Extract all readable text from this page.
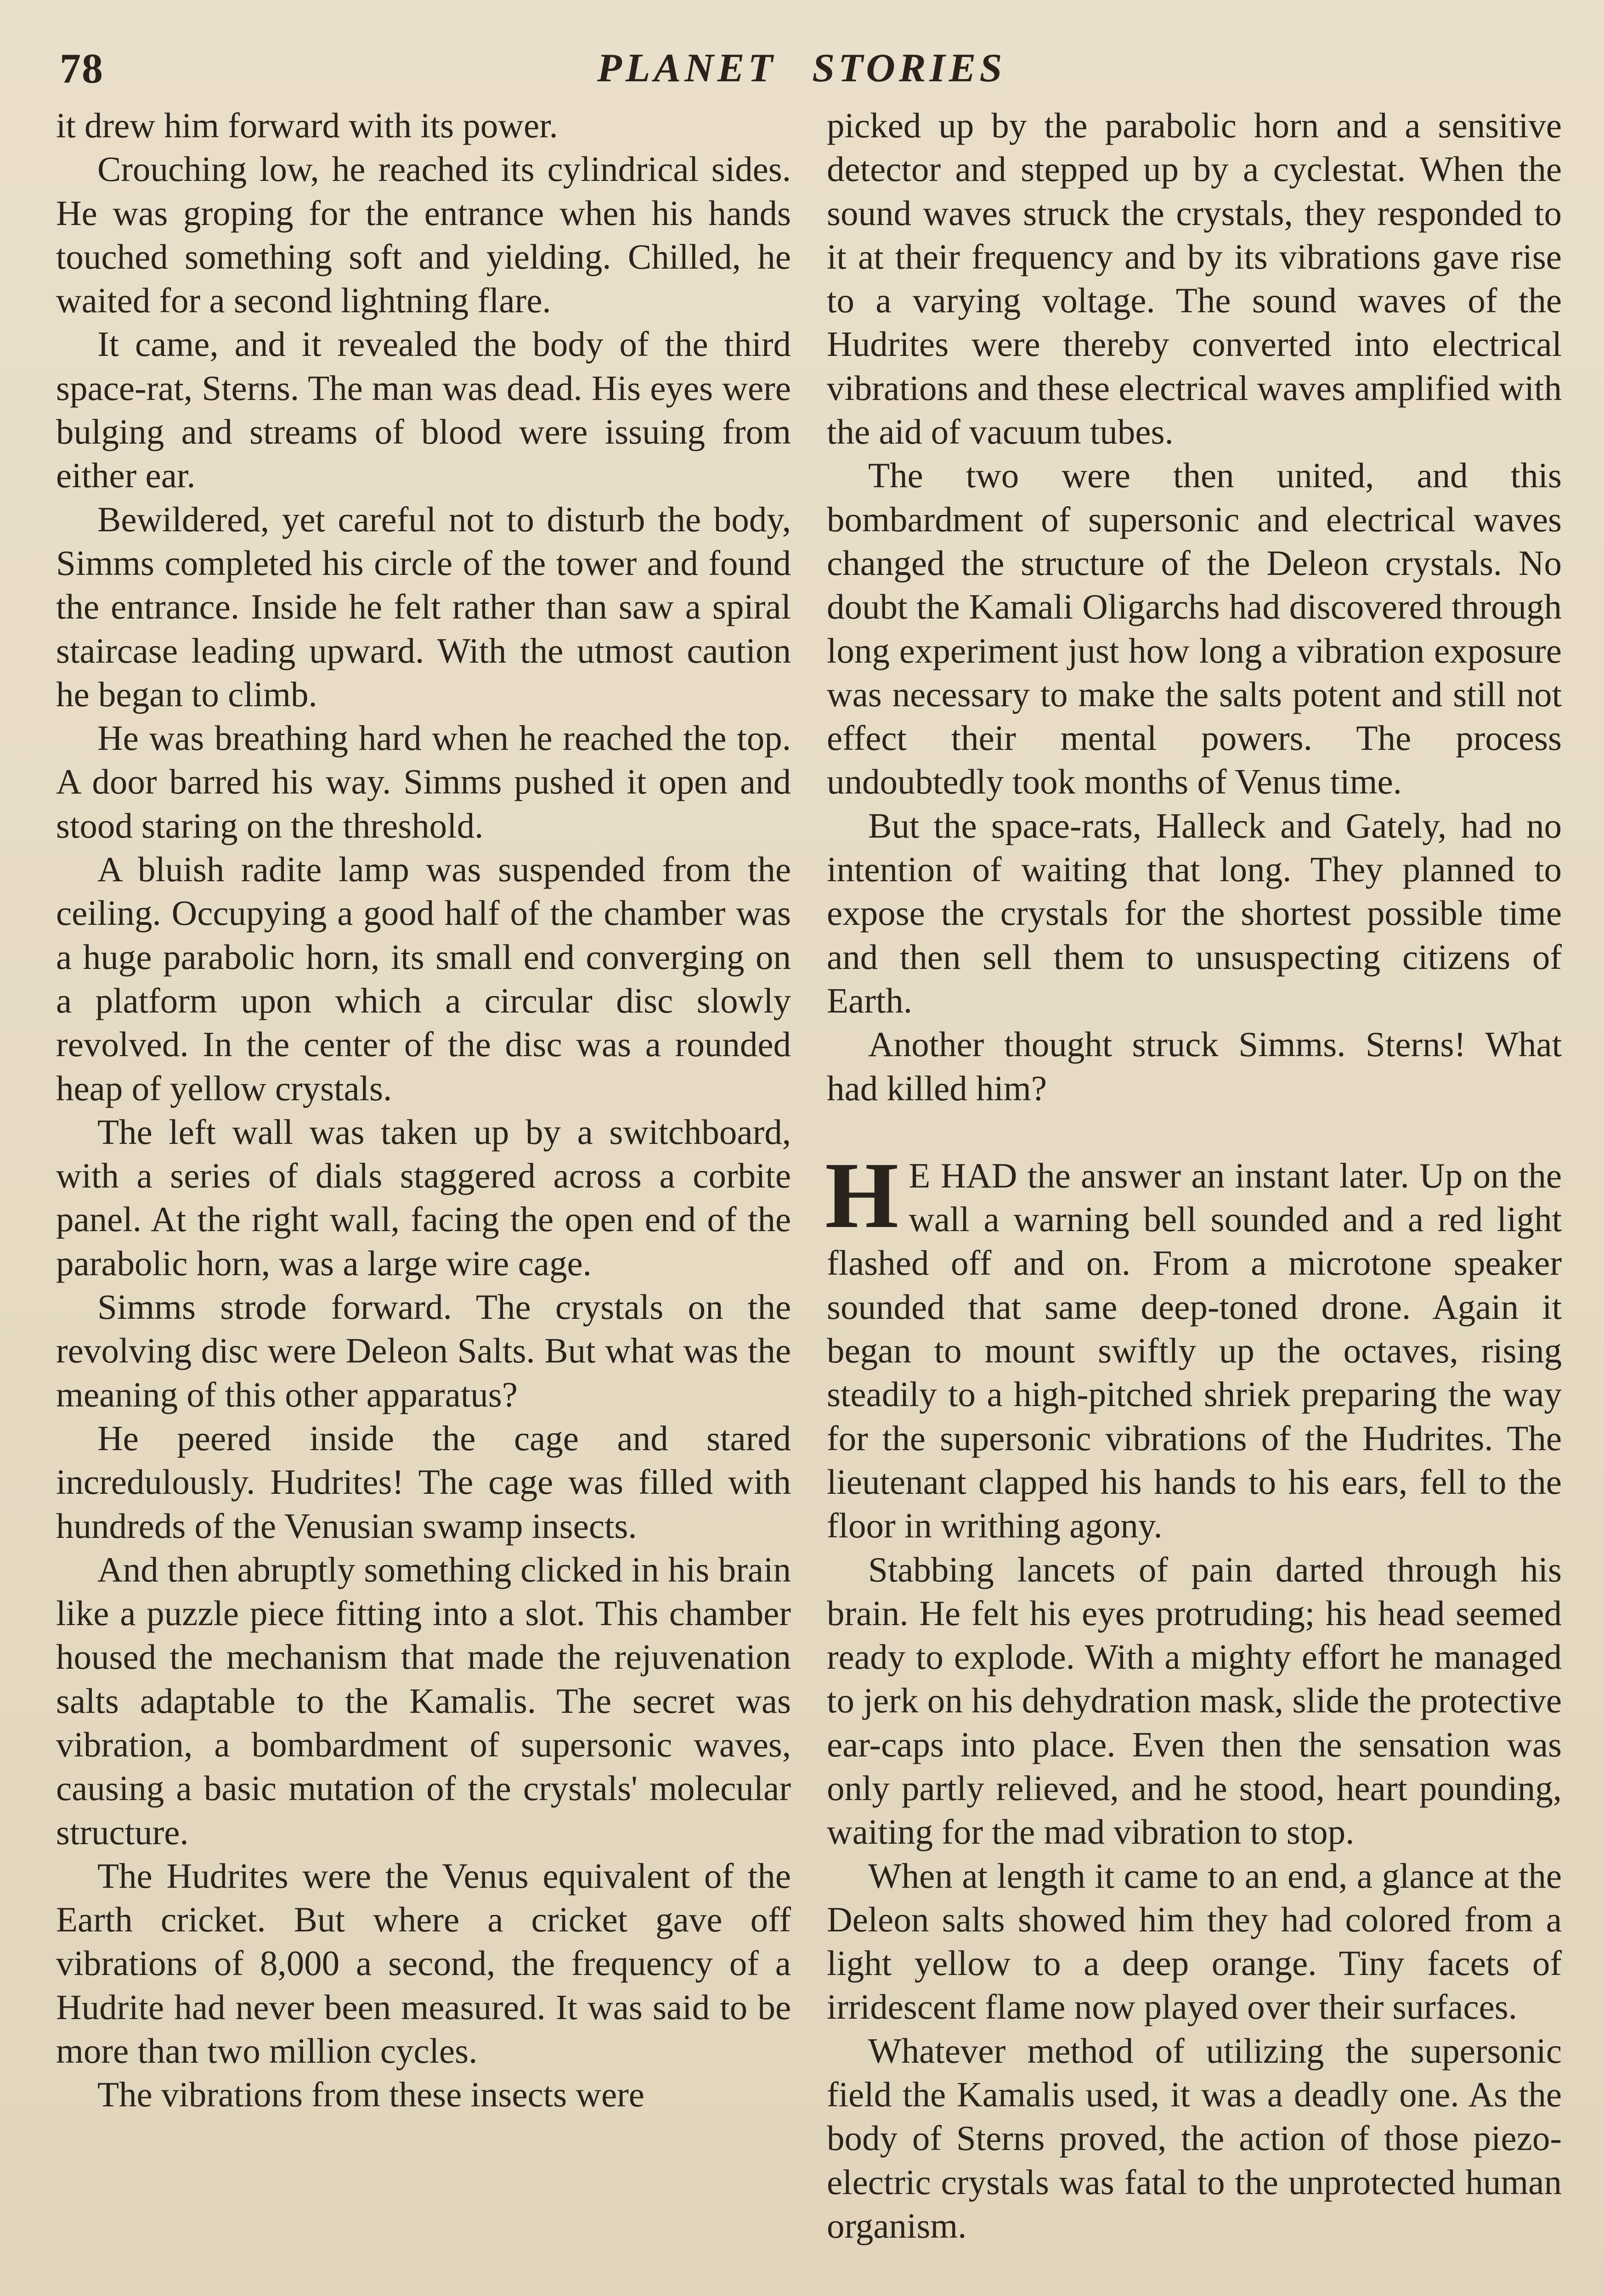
78	PLANET STORIES

it drew him forward with its power.

Crouching low, he reached its cylindrical sides. He was groping for the entrance when his hands touched something soft and yielding. Chilled, he waited for a second lightning flare.

It came, and it revealed the body of the third space-rat, Sterns. The man was dead. His eyes were bulging and streams of blood were issuing from either ear.

Bewildered, yet careful not to disturb the body, Simms completed his circle of the tower and found the entrance. Inside he felt rather than saw a spiral staircase leading upward. With the utmost caution he began to climb.

He was breathing hard when he reached the top. A door barred his way. Simms pushed it open and stood staring on the threshold.

A bluish radite lamp was suspended from the ceiling. Occupying a good half of the chamber was a huge parabolic horn, its small end converging on a platform upon which a circular disc slowly revolved. In the center of the disc was a rounded heap of yellow crystals.

The left wall was taken up by a switchboard, with a series of dials staggered across a corbite panel. At the right wall, facing the open end of the parabolic horn, was a large wire cage.

Simms strode forward. The crystals on the revolving disc were Deleon Salts. But what was the meaning of this other apparatus?

He peered inside the cage and stared incredulously. Hudrites! The cage was filled with hundreds of the Venusian swamp insects.

And then abruptly something clicked in his brain like a puzzle piece fitting into a slot. This chamber housed the mechanism that made the rejuvenation salts adaptable to the Kamalis. The secret was vibration, a bombardment of supersonic waves, causing a basic mutation of the crystals' molecular structure.

The Hudrites were the Venus equivalent of the Earth cricket. But where a cricket gave off vibrations of 8,000 a second, the frequency of a Hudrite had never been measured. It was said to be more than two million cycles.

The vibrations from these insects were

picked up by the parabolic horn and a sensitive detector and stepped up by a cyclestat. When the sound waves struck the crystals, they responded to it at their frequency and by its vibrations gave rise to a varying voltage. The sound waves of the Hudrites were thereby converted into electrical vibrations and these electrical waves amplified with the aid of vacuum tubes.

The two were then united, and this bombardment of supersonic and electrical waves changed the structure of the Deleon crystals. No doubt the Kamali Oligarchs had discovered through long experiment just how long a vibration exposure was necessary to make the salts potent and still not effect their mental powers. The process undoubtedly took months of Venus time.

But the space-rats, Halleck and Gately, had no intention of waiting that long. They planned to expose the crystals for the shortest possible time and then sell them to unsuspecting citizens of Earth.

Another thought struck Simms. Sterns! What had killed him?

H E HAD the answer an instant later. Up on the wall a warning bell sounded and a red light flashed off and on. From a microtone speaker sounded that same deep-toned drone. Again it began to mount swiftly up the octaves, rising steadily to a high-pitched shriek preparing the way for the supersonic vibrations of the Hudrites. The lieutenant clapped his hands to his ears, fell to the floor in writhing agony.

Stabbing lancets of pain darted through his brain. He felt his eyes protruding; his head seemed ready to explode. With a mighty effort he managed to jerk on his dehydration mask, slide the protective ear-caps into place. Even then the sensation was only partly relieved, and he stood, heart pounding, waiting for the mad vibration to stop.

When at length it came to an end, a glance at the Deleon salts showed him they had colored from a light yellow to a deep orange. Tiny facets of irridescent flame now played over their surfaces.

Whatever method of utilizing the supersonic field the Kamalis used, it was a deadly one. As the body of Sterns proved, the action of those piezo-electric crystals was fatal to the unprotected human organism.
